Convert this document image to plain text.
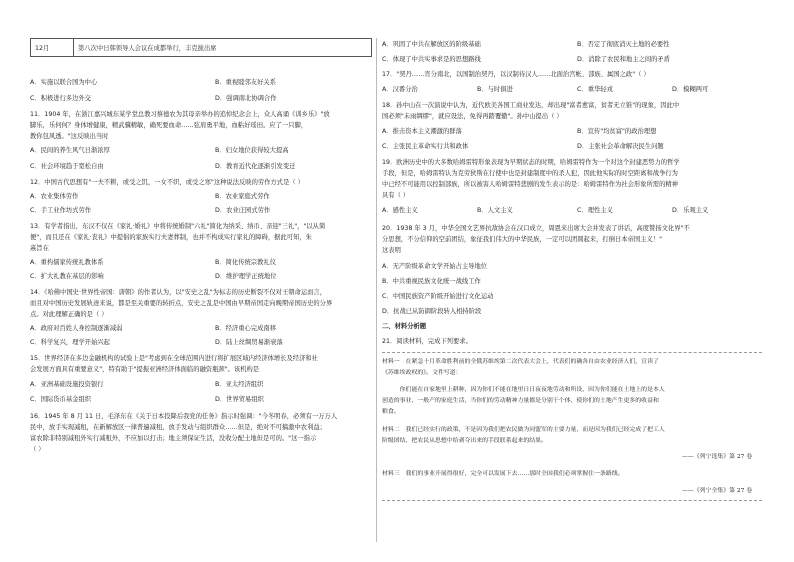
12月	第八次中日韩领导人会议在成都举行，丰克拢出席
A．实施以联合国为中心	B．重视睦邻友好关系
C．积极进行多边外交	D．强调南北协调合作
11．1904 年，在浙江嘉兴城东某学堂总教习蔡德农为其母亲举办的追悼纪念会上，众人高诵《训乡乐》"放
脚乐，乐何何？身体增健康，精武骥精敏，确死要血命……弦肩勇平地，血粘好瑶田。应了一只脚，
教你包风透。"这反映出当时
A．民间的养生风气日渐浓厚	B．妇女地位获得较大提高
C．社会环境趋于宽松自由	D．教育近代化逐渐引发变迁
12．中国古代思想有"一夫不耕，或受之饥，一女不织，或受之寒"这种说法反映的劳作方式是（ ）
A．农业集体劳作	B．农业家庭式劳作
C．手工业作坊式劳作	D．农业庄园式劳作
13．有学者指出，东汉不仅在《家礼·婚礼》中将传统婚制"六礼"简化为纳采、纳币、亲迎"三礼"，"以从简
便"，而且还在《家礼·丧礼》中提倡的家族实行夫妻葬制，也并不构成实行家礼的障碍，据此可知，朱
熹旨在
A．重构儒家传统礼教体系	B．简化传统宗教礼仪
C．扩大礼教在基层的影响	D．维护理学正统地位
14．《哈佛中国史·世界性帝国：唐朝》的作者认为，以"安史之乱"为标志的历史断裂不仅对王朝命运而言，
而且对中国历史发展轨迹来说，都是至关重要的转折点，安史之乱是中国由早期帝国走向晚期帝国历史的分界
点。对此理解正确的是（ ）
A．政府对百姓人身控制逐渐减弱	B．经济重心完成南移
C．科学复兴，理学开始兴起	D．陆上丝绸贸易渐衰落
15．世界经济在多边金融机构的试验上是"考虑到在全球范围内进行将扩展区域内经济体增长及经济和社
会发展方面具有重要意义"，特有助于"提振亚洲经济体面临的融资瓶颈"。该机构是
A．亚洲基础设施投资银行	B．亚太经济组织
C．国际货币基金组织	D．世界贸易组织
16．1945 年 8 月 11 日，毛泽东在《关于日本投降后我党的任务》指示时强调："今冬明春，必须有一万万人
民中，放手实现减租，在新解放区一律普遍减租，放手发动与组织群众……但是，绝对不可搞激中农利益；
富农除非特别减租外实行减租外，不应加以打击；地主须保证生活，没收分配土地但是可的。"这一指示
（ ）
A．巩固了中共在解放区的阶级基础	B．否定了彻底消灭土地的必要性
C．体现了中共实事求是的思想路线	D．消除了农民和地主之间的矛盾
17．"契丹……宵分南北，以国制治契丹，以汉制待汉人……北面治宫帐、部族、属国之政"（ ）
A．汉番分治	B．与时俱进	C．重华轻戎	D．模糊两可
18．孙中山在一次演说中认为，近代欧美各国工商业发达，却出现"富者愈富，贫者无立锥"的现象，因此中
国必须"未雨绸缪"，就应设法，免得再踏覆辙"。孙中山提出（ ）
A．推击资本主义潮激的群落	B．宣传"均贫富"的政治理想
C．主张民主革命实行共和政体	D．主张社会革命解决民生问题
19．欧洲历史中的大多数哈姆雷特形象表现为早期状态的时期，哈姆雷特作为一个对这个封建恶势力的哲学
手段，但是，哈姆雷特认为克劳狄斯在行使中也是封建制度中的杀人犯，因此他实际的时空距离和战争行为
中已经不可能用以控制部族，所以被害人哈姆雷特悲剧的发生表示的是：哈姆雷特作为社会形象所需的精神
具有（ ）
A．感性主义	B．人文主义	C．理性主义	D．乐观主义
20．1938 年 3 月，中华全国文艺界抗敌协会在汉口成立，周恩来出席大会并发表了讲话，高度赞扬文化界"不
分思想，不分信仰的空前团结，象征我们伟大的中华民族，一定可以团圆起来，打倒日本帝国主义！"
这表明
A．无产阶级革命文学开始占主导地位
B．中共重视民族文化统一战线工作
C．中国民族资产阶级开始进行文化运动
D．抗战已从防御阶段转入相持阶段
二、材料分析题
21．阅读材料，完成下列要求。
材料一　在紧急十月革命胜利前的全俄苏维埃第二次代表大会上，代表们的确各自由农业经济人们，宣读了
《苏维埃政权的》。文件写道：
　　　你们能在自家地里上耕种，因为你们不能在地里日日夜夜地劳动和所设，因为你们能在土地上的是本人
创造的事业、一般产的家庭生活，当你们的劳动精神力量都是分别于个体、使你们的土地产生更多的收益和
粮食。
材料二　我们已经实行的政策，不是因为我们把农民做为同盟军的主要力量，而是因为我们已经完成了把工人
阶级团结，把农民从思想中给剥夺出来的手段联系起来的结果。
——《列宁选集》第 27 卷
材料三　我们的事业开展得很好，完全可以发展下去……那时全国我们必须掌握住一条路线。
——《列宁全集》第 27 卷
